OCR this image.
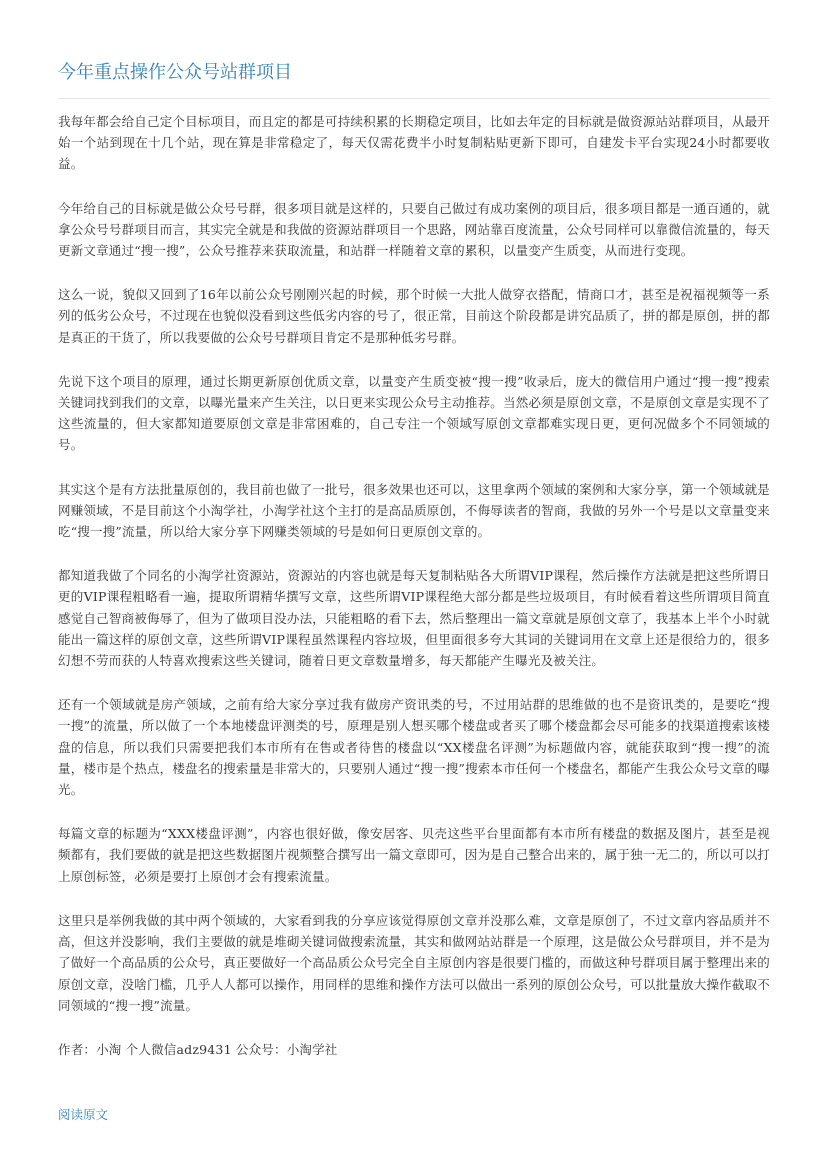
今年重点操作公众号站群项目

我每年都会给自己定个目标项目，而且定的都是可持续积累的长期稳定项目，比如去年定的目标就是做资源站站群项目，从最开始一个站到现在十几个站，现在算是非常稳定了，每天仅需花费半小时复制粘贴更新下即可，自建发卡平台实现24小时都要收益。

今年给自己的目标就是做公众号号群，很多项目就是这样的，只要自己做过有成功案例的项目后，很多项目都是一通百通的，就拿公众号号群项目而言，其实完全就是和我做的资源站群项目一个思路，网站靠百度流量，公众号同样可以靠微信流量的，每天更新文章通过“搜一搜”，公众号推荐来获取流量，和站群一样随着文章的累积，以量变产生质变，从而进行变现。

这么一说，貌似又回到了16年以前公众号刚刚兴起的时候，那个时候一大批人做穿衣搭配，情商口才，甚至是祝福视频等一系列的低劣公众号，不过现在也貌似没看到这些低劣内容的号了，很正常，目前这个阶段都是讲究品质了，拼的都是原创，拼的都是真正的干货了，所以我要做的公众号号群项目肯定不是那种低劣号群。

先说下这个项目的原理，通过长期更新原创优质文章，以量变产生质变被“搜一搜”收录后，庞大的微信用户通过“搜一搜”搜索关键词找到我们的文章，以曝光量来产生关注，以日更来实现公众号主动推荐。当然必须是原创文章，不是原创文章是实现不了这些流量的，但大家都知道要原创文章是非常困难的，自己专注一个领域写原创文章都难实现日更，更何况做多个不同领域的号。

其实这个是有方法批量原创的，我目前也做了一批号，很多效果也还可以，这里拿两个领域的案例和大家分享，第一个领域就是网赚领域，不是目前这个小淘学社，小淘学社这个主打的是高品质原创，不侮辱读者的智商，我做的另外一个号是以文章量变来吃“搜一搜”流量，所以给大家分享下网赚类领域的号是如何日更原创文章的。

都知道我做了个同名的小淘学社资源站，资源站的内容也就是每天复制粘贴各大所谓VIP课程，然后操作方法就是把这些所谓日更的VIP课程粗略看一遍，提取所谓精华撰写文章，这些所谓VIP课程绝大部分都是些垃圾项目，有时候看着这些所谓项目简直感觉自己智商被侮辱了，但为了做项目没办法，只能粗略的看下去，然后整理出一篇文章就是原创文章了，我基本上半个小时就能出一篇这样的原创文章，这些所谓VIP课程虽然课程内容垃圾，但里面很多夸大其词的关键词用在文章上还是很给力的，很多幻想不劳而获的人特喜欢搜索这些关键词，随着日更文章数量增多，每天都能产生曝光及被关注。

还有一个领域就是房产领域，之前有给大家分享过我有做房产资讯类的号，不过用站群的思维做的也不是资讯类的，是要吃“搜一搜”的流量，所以做了一个本地楼盘评测类的号，原理是别人想买哪个楼盘或者买了哪个楼盘都会尽可能多的找渠道搜索该楼盘的信息，所以我们只需要把我们本市所有在售或者待售的楼盘以“XX楼盘名评测”为标题做内容，就能获取到“搜一搜”的流量，楼市是个热点，楼盘名的搜索量是非常大的，只要别人通过“搜一搜”搜索本市任何一个楼盘名，都能产生我公众号文章的曝光。

每篇文章的标题为“XXX楼盘评测”，内容也很好做，像安居客、贝壳这些平台里面都有本市所有楼盘的数据及图片，甚至是视频都有，我们要做的就是把这些数据图片视频整合撰写出一篇文章即可，因为是自己整合出来的，属于独一无二的，所以可以打上原创标签，必须是要打上原创才会有搜索流量。

这里只是举例我做的其中两个领域的，大家看到我的分享应该觉得原创文章并没那么难，文章是原创了，不过文章内容品质并不高，但这并没影响，我们主要做的就是堆砌关键词做搜索流量，其实和做网站站群是一个原理，这是做公众号群项目，并不是为了做好一个高品质的公众号，真正要做好一个高品质公众号完全自主原创内容是很要门槛的，而做这种号群项目属于整理出来的原创文章，没啥门槛，几乎人人都可以操作，用同样的思维和操作方法可以做出一系列的原创公众号，可以批量放大操作截取不同领域的“搜一搜”流量。

作者：小淘 个人微信adz9431 公众号：小淘学社

阅读原文
